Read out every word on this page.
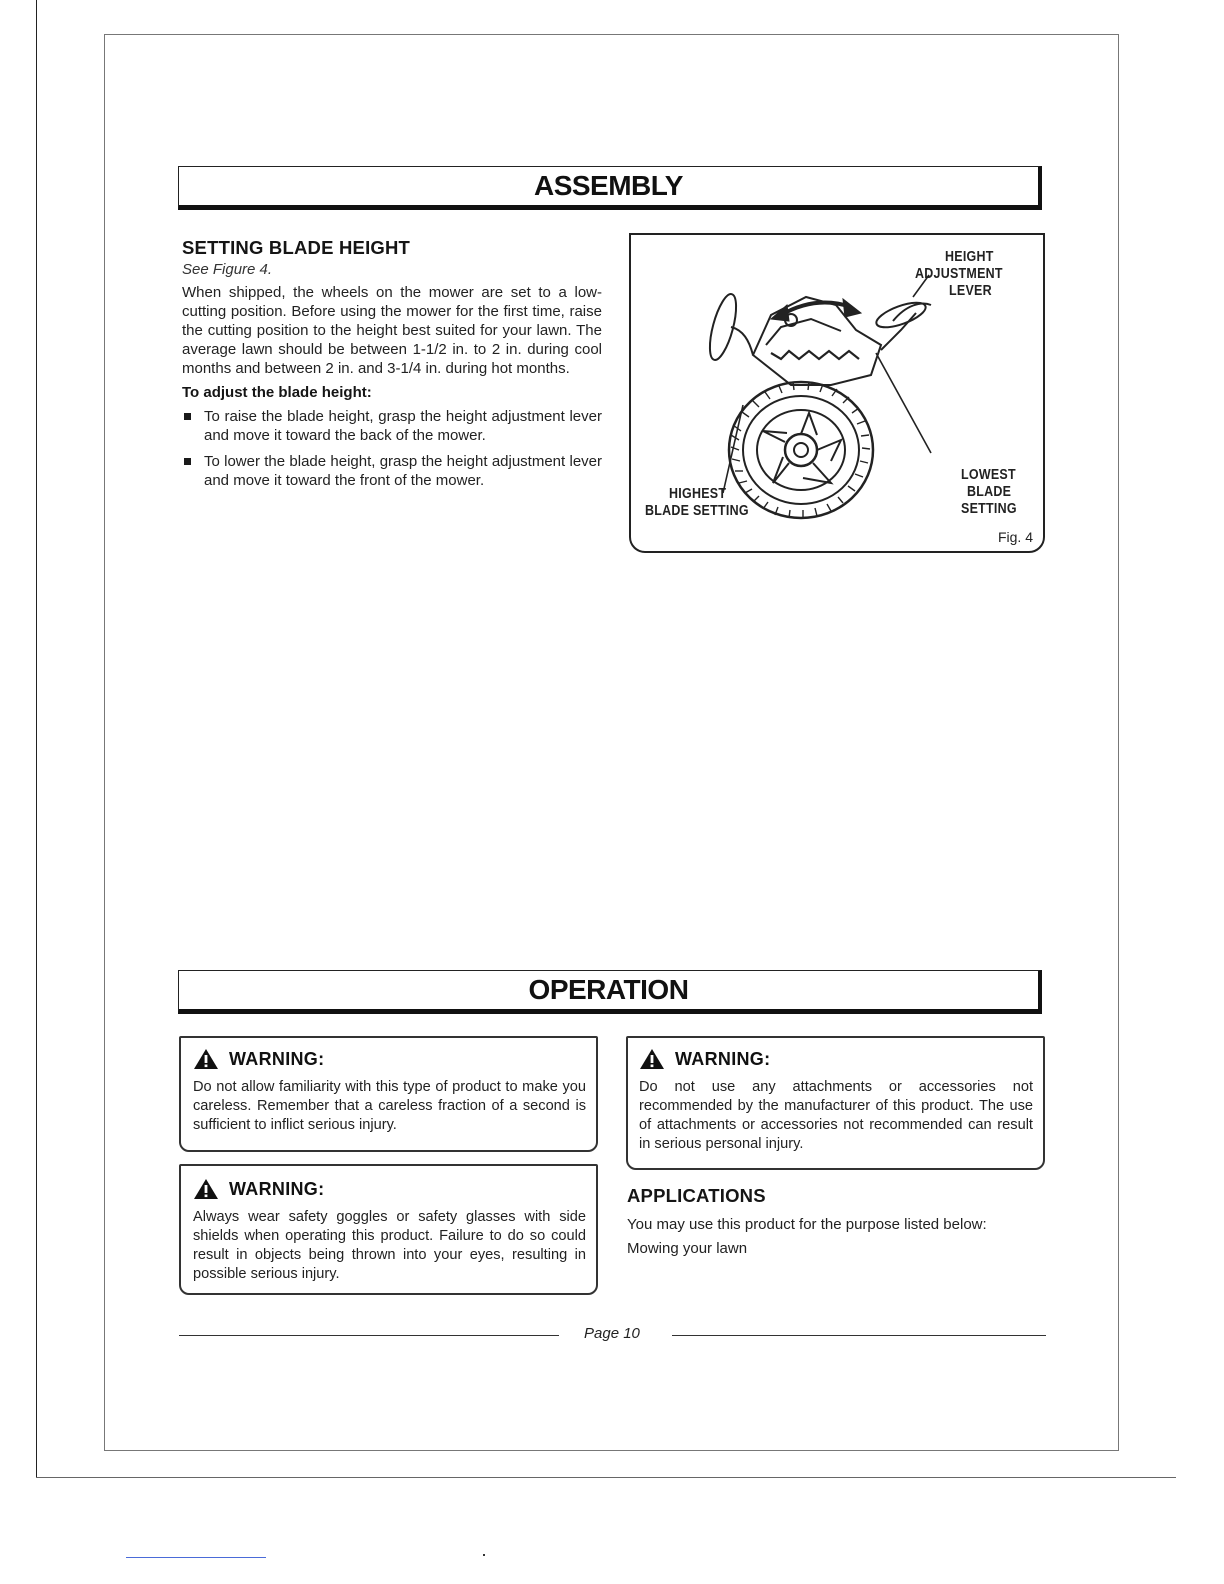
ASSEMBLY
SETTING BLADE HEIGHT
See Figure 4.
When shipped, the wheels on the mower are set to a low-cutting position. Before using the mower for the first time, raise the cutting position to the height best suited for your lawn. The average lawn should be between 1-1/2 in. to 2 in. during cool months and between 2 in. and 3-1/4 in. during hot months.
To adjust the blade height:
To raise the blade height, grasp the height adjustment lever and move it toward the back of the mower.
To lower the blade height, grasp the height adjustment lever and move it toward the front of the mower.
HEIGHT
ADJUSTMENT
LEVER
LOWEST
BLADE
SETTING
HIGHEST
BLADE SETTING
Fig. 4
OPERATION
WARNING:
Do not allow familiarity with this type of product to make you careless. Remember that a careless fraction of a second is sufficient to inflict serious injury.
WARNING:
Always wear safety goggles or safety glasses with side shields when operating this product. Failure to do so could result in objects being thrown into your eyes, resulting in possible serious injury.
WARNING:
Do not use any attachments or accessories not recommended by the manufacturer of this product. The use of attachments or accessories not recommended can result in serious personal injury.
APPLICATIONS
You may use this product for the purpose listed below:
Mowing your lawn
Page 10
